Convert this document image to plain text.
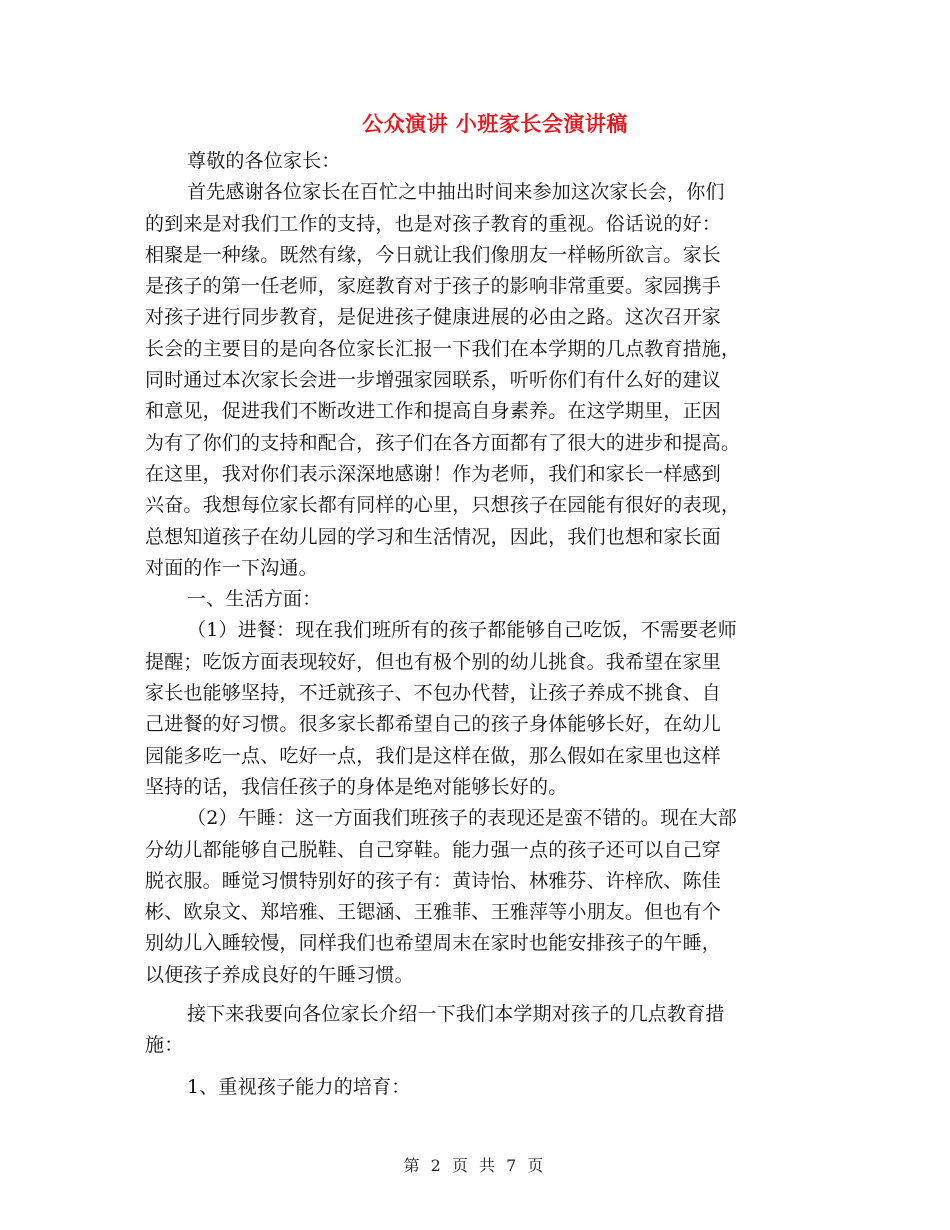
公众演讲 小班家长会演讲稿
尊敬的各位家长：
首先感谢各位家长在百忙之中抽出时间来参加这次家长会，你们
的到来是对我们工作的支持，也是对孩子教育的重视。俗话说的好：
相聚是一种缘。既然有缘，今日就让我们像朋友一样畅所欲言。家长
是孩子的第一任老师，家庭教育对于孩子的影响非常重要。家园携手
对孩子进行同步教育，是促进孩子健康进展的必由之路。这次召开家
长会的主要目的是向各位家长汇报一下我们在本学期的几点教育措施，
同时通过本次家长会进一步增强家园联系，听听你们有什么好的建议
和意见，促进我们不断改进工作和提高自身素养。在这学期里，正因
为有了你们的支持和配合，孩子们在各方面都有了很大的进步和提高。
在这里，我对你们表示深深地感谢！作为老师，我们和家长一样感到
兴奋。我想每位家长都有同样的心里，只想孩子在园能有很好的表现，
总想知道孩子在幼儿园的学习和生活情况，因此，我们也想和家长面
对面的作一下沟通。
一、生活方面：
（1）进餐：现在我们班所有的孩子都能够自己吃饭，不需要老师
提醒；吃饭方面表现较好，但也有极个别的幼儿挑食。我希望在家里
家长也能够坚持，不迁就孩子、不包办代替，让孩子养成不挑食、自
己进餐的好习惯。很多家长都希望自己的孩子身体能够长好，在幼儿
园能多吃一点、吃好一点，我们是这样在做，那么假如在家里也这样
坚持的话，我信任孩子的身体是绝对能够长好的。
（2）午睡：这一方面我们班孩子的表现还是蛮不错的。现在大部
分幼儿都能够自己脱鞋、自己穿鞋。能力强一点的孩子还可以自己穿
脱衣服。睡觉习惯特别好的孩子有：黄诗怡、林雅芬、许梓欣、陈佳
彬、欧泉文、郑培雅、王锶涵、王雅菲、王雅萍等小朋友。但也有个
别幼儿入睡较慢，同样我们也希望周末在家时也能安排孩子的午睡，
以便孩子养成良好的午睡习惯。
接下来我要向各位家长介绍一下我们本学期对孩子的几点教育措
施：
1、重视孩子能力的培育：
第 2 页 共 7 页
